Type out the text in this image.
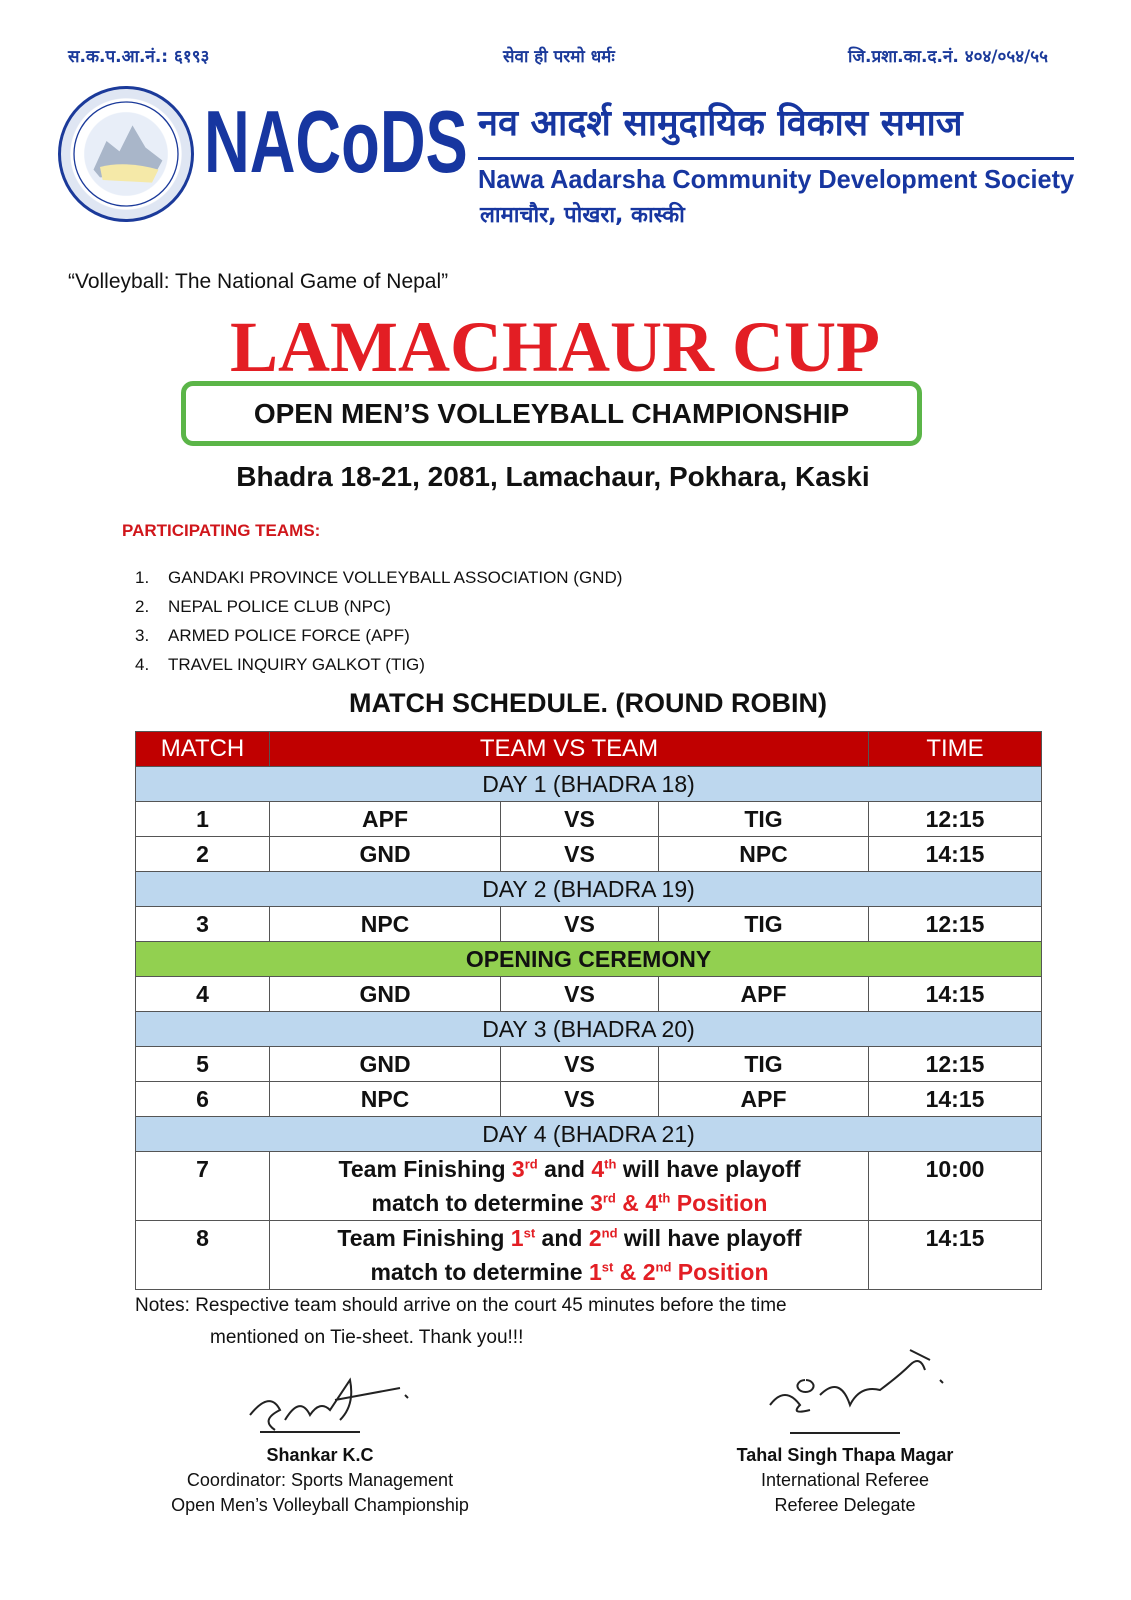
स.क.प.आ.नं.: ६१९३	सेवा ही परमो धर्मः	जि.प्रशा.का.द.नं. ४०४/०५४/५५
NACoDS नव आदर्श सामुदायिक विकास समाज
Nawa Aadarsha Community Development Society
लामाचौर, पोखरा, कास्की
“Volleyball: The National Game of Nepal”
LAMACHAUR CUP
OPEN MEN’S VOLLEYBALL CHAMPIONSHIP
Bhadra 18-21, 2081, Lamachaur, Pokhara, Kaski
PARTICIPATING TEAMS:
1. GANDAKI PROVINCE VOLLEYBALL ASSOCIATION (GND)
2. NEPAL POLICE CLUB (NPC)
3. ARMED POLICE FORCE (APF)
4. TRAVEL INQUIRY GALKOT (TIG)
MATCH SCHEDULE. (ROUND ROBIN)
MATCH	TEAM VS TEAM			TIME
DAY 1 (BHADRA 18)				
1	APF	VS	TIG	12:15
2	GND	VS	NPC	14:15
DAY 2 (BHADRA 19)				
3	NPC	VS	TIG	12:15
OPENING CEREMONY				
4	GND	VS	APF	14:15
DAY 3 (BHADRA 20)				
5	GND	VS	TIG	12:15
6	NPC	VS	APF	14:15
DAY 4 (BHADRA 21)				
7	Team Finishing 3rd and 4th will have playoff
match to determine 3rd & 4th Position			10:00
8	Team Finishing 1st and 2nd will have playoff
match to determine 1st & 2nd Position			14:15
Notes: Respective team should arrive on the court 45 minutes before the time
mentioned on Tie-sheet. Thank you!!!
Shankar K.C
Coordinator: Sports Management
Open Men’s Volleyball Championship
Tahal Singh Thapa Magar
International Referee
Referee Delegate
